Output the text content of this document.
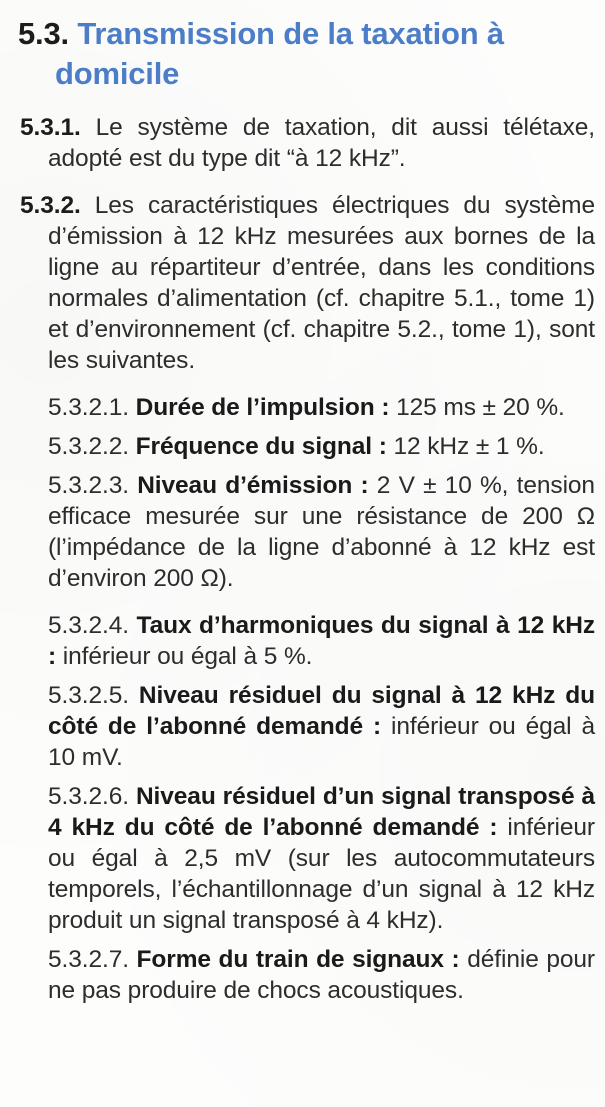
5.3. Transmission de la taxation à domicile

5.3.1. Le système de taxation, dit aussi télétaxe, adopté est du type dit “à 12 kHz”.

5.3.2. Les caractéristiques électriques du système d’émission à 12 kHz mesurées aux bornes de la ligne au répartiteur d’entrée, dans les conditions normales d’alimentation (cf. chapitre 5.1., tome 1) et d’environnement (cf. chapitre 5.2., tome 1), sont les suivantes.

5.3.2.1. Durée de l’impulsion : 125 ms ± 20 %.

5.3.2.2. Fréquence du signal : 12 kHz ± 1 %.

5.3.2.3. Niveau d’émission : 2 V ± 10 %, tension efficace mesurée sur une résistance de 200 Ω (l’impédance de la ligne d’abonné à 12 kHz est d’environ 200 Ω).

5.3.2.4. Taux d’harmoniques du signal à 12 kHz : inférieur ou égal à 5 %.

5.3.2.5. Niveau résiduel du signal à 12 kHz du côté de l’abonné demandé : inférieur ou égal à 10 mV.

5.3.2.6. Niveau résiduel d’un signal transposé à 4 kHz du côté de l’abonné demandé : inférieur ou égal à 2,5 mV (sur les autocommutateurs temporels, l’échantillonnage d’un signal à 12 kHz produit un signal transposé à 4 kHz).

5.3.2.7. Forme du train de signaux : définie pour ne pas produire de chocs acoustiques.
